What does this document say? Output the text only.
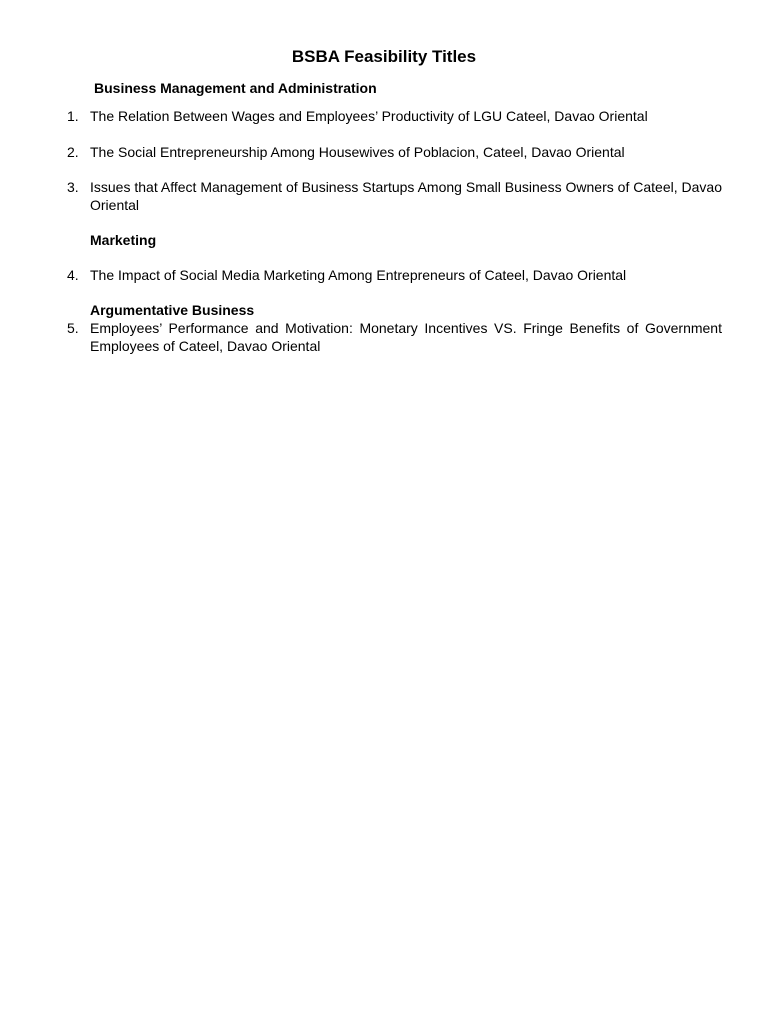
BSBA Feasibility Titles
Business Management and Administration
1. The Relation Between Wages and Employees’ Productivity of LGU Cateel, Davao Oriental
2. The Social Entrepreneurship Among Housewives of Poblacion, Cateel, Davao Oriental
3. Issues that Affect Management of Business Startups Among Small Business Owners of Cateel, Davao Oriental
Marketing
4. The Impact of Social Media Marketing Among Entrepreneurs of Cateel, Davao Oriental
Argumentative Business
5. Employees’ Performance and Motivation: Monetary Incentives VS. Fringe Benefits of Government Employees of Cateel, Davao Oriental
